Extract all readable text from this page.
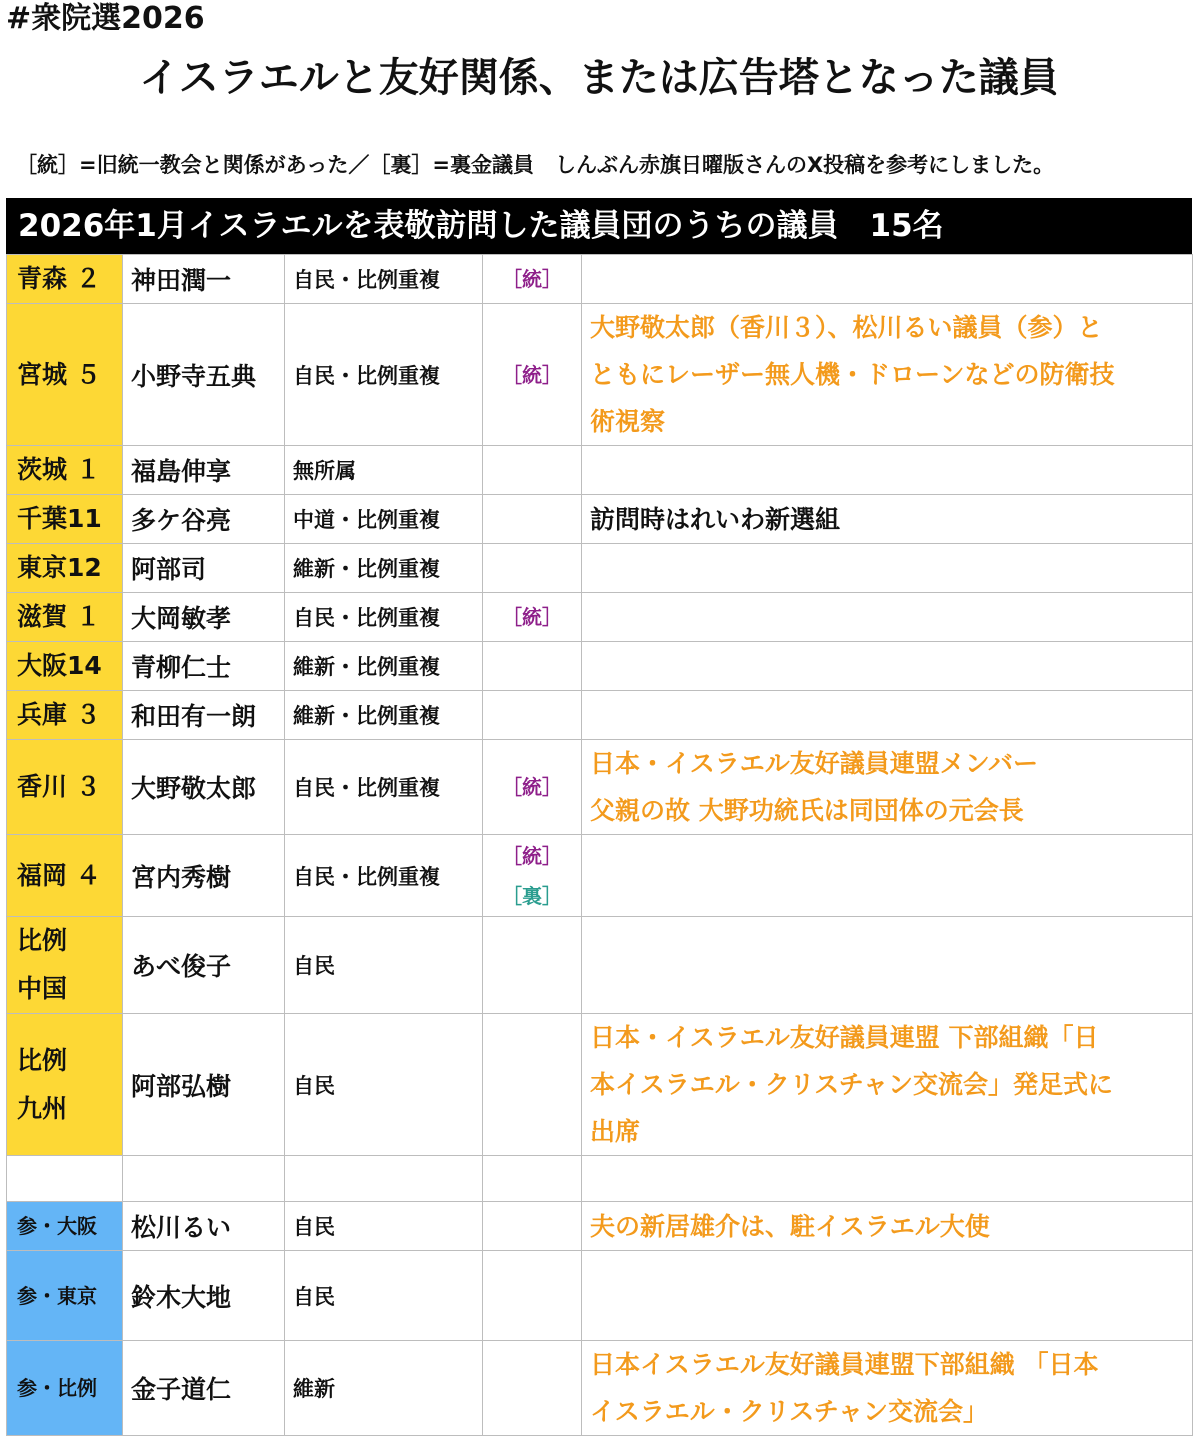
#衆院選2026
イスラエルと友好関係、または広告塔となった議員
［統］=旧統一教会と関係があった／［裏］=裏金議員　しんぶん赤旗日曜版さんのX投稿を参考にしました。
2026年1月イスラエルを表敬訪問した議員団のうちの議員　15名
青森 ２	神田潤一	自民・比例重複	［統］	

宮城 ５	小野寺五典	自民・比例重複	［統］	大野敬太郎（香川３）、松川るい議員（参）と
ともにレーザー無人機・ドローンなどの防衛技
術視察

茨城 １	福島伸享	無所属		

千葉11	多ケ谷亮	中道・比例重複		訪問時はれいわ新選組

東京12	阿部司	維新・比例重複		

滋賀 １	大岡敏孝	自民・比例重複	［統］	

大阪14	青柳仁士	維新・比例重複		

兵庫 ３	和田有一朗	維新・比例重複		

香川 ３	大野敬太郎	自民・比例重複	［統］	日本・イスラエル友好議員連盟メンバー
父親の故 大野功統氏は同団体の元会長

福岡 ４	宮内秀樹	自民・比例重複	［統］
［裏］	

比例
中国	あべ俊子	自民		

比例
九州	阿部弘樹	自民		日本・イスラエル友好議員連盟 下部組織「日
本イスラエル・クリスチャン交流会」発足式に
出席

参・大阪	松川るい	自民		夫の新居雄介は、駐イスラエル大使

参・東京	鈴木大地	自民		

参・比例	金子道仁	維新		日本イスラエル友好議員連盟下部組織 「日本
イスラエル・クリスチャン交流会」
